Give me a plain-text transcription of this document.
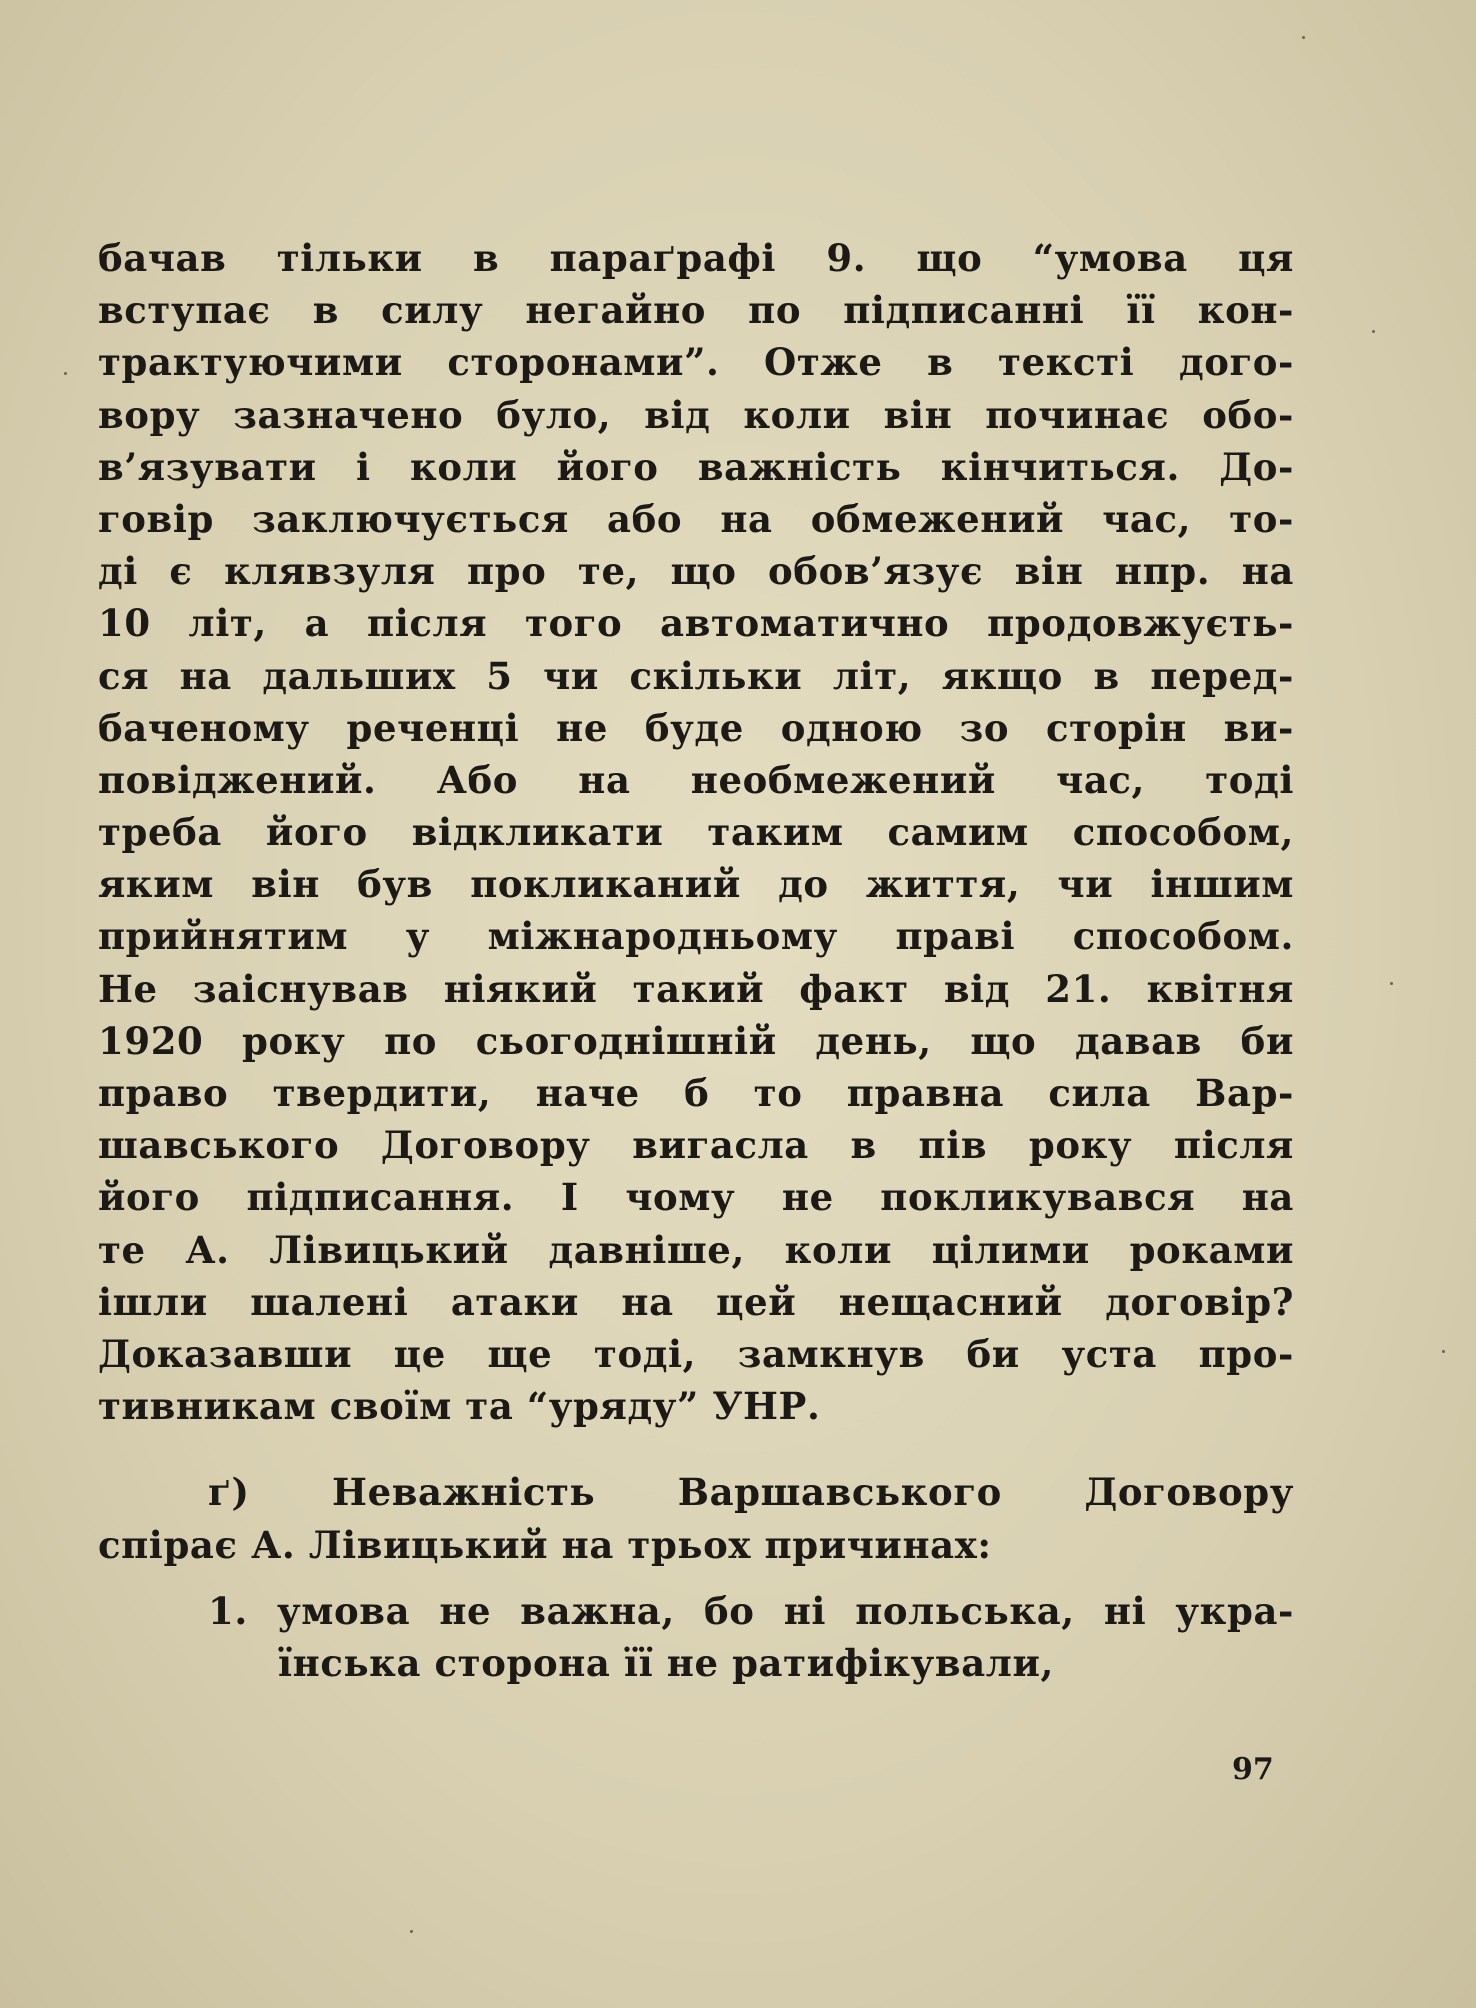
бачав тільки в параґрафі 9. що “умова ця
вступає в силу негайно по підписанні її кон-
трактуючими сторонами”. Отже в тексті дого-
вору зазначено було, від коли він починає обо-
в’язувати і коли його важність кінчиться. До-
говір заключується або на обмежений час, то-
ді є клявзуля про те, що обов’язує він нпр. на
10 літ, а після того автоматично продовжуєть-
ся на дальших 5 чи скільки літ, якщо в перед-
баченому реченці не буде одною зо сторін ви-
повіджений. Або на необмежений час, тоді
треба його відкликати таким самим способом,
яким він був покликаний до життя, чи іншим
прийнятим у міжнародньому праві способом.
Не заіснував ніякий такий факт від 21. квітня
1920 року по сьогоднішній день, що давав би
право твердити, наче б то правна сила Вар-
шавського Договору вигасла в пів року після
його підписання. І чому не покликувався на
те А. Лівицький давніше, коли цілими роками
ішли шалені атаки на цей нещасний договір?
Доказавши це ще тоді, замкнув би уста про-
тивникам своїм та “уряду” УНР.
ґ) Неважність Варшавського Договору
спірає А. Лівицький на трьох причинах:
1. умова не важна, бо ні польська, ні укра-
їнська сторона її не ратифікували,
97
